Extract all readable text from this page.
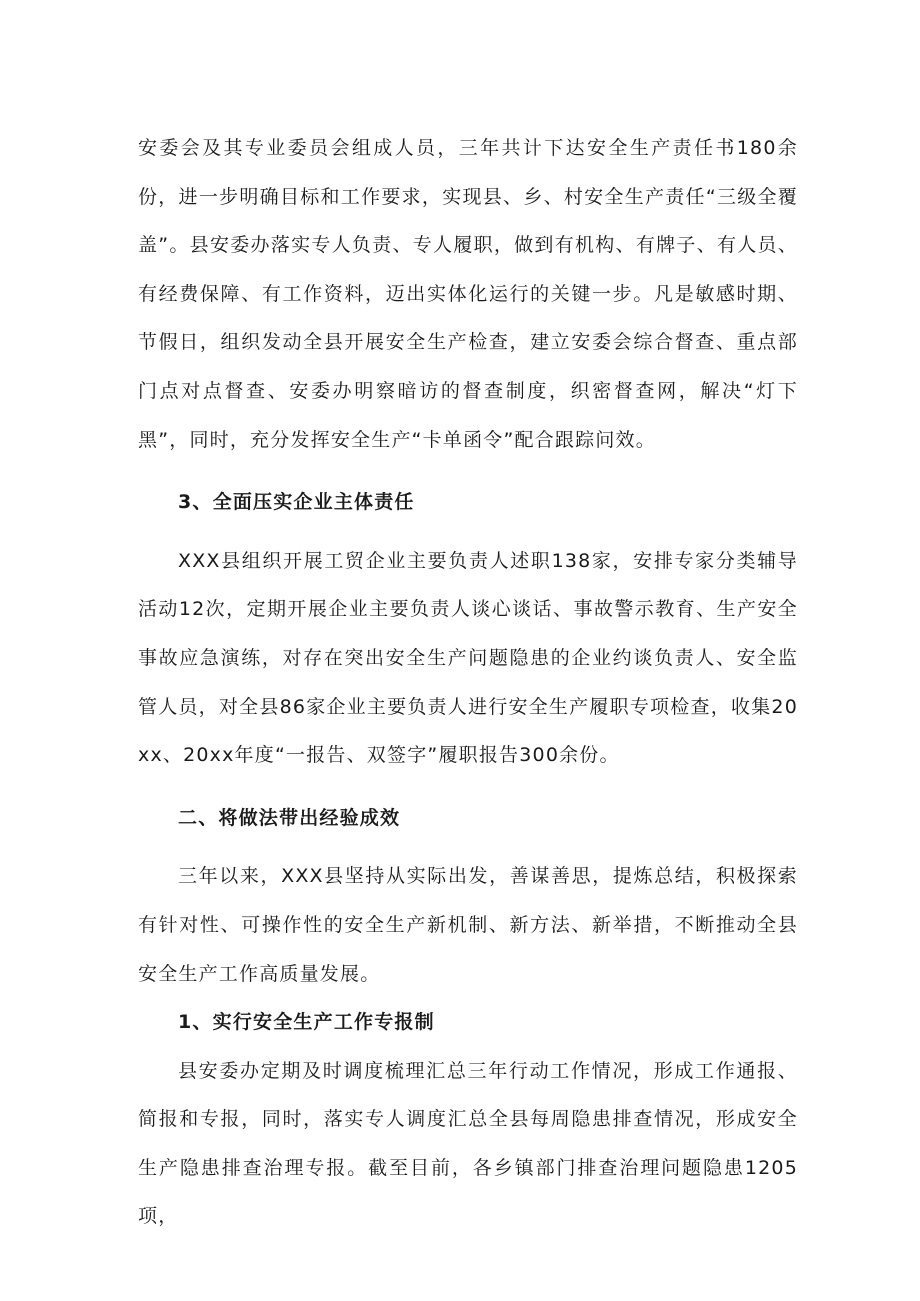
安委会及其专业委员会组成人员，三年共计下达安全生产责任书180余份，进一步明确目标和工作要求，实现县、乡、村安全生产责任“三级全覆盖”。县安委办落实专人负责、专人履职，做到有机构、有牌子、有人员、有经费保障、有工作资料，迈出实体化运行的关键一步。凡是敏感时期、节假日，组织发动全县开展安全生产检查，建立安委会综合督查、重点部门点对点督查、安委办明察暗访的督查制度，织密督查网，解决“灯下黑”，同时，充分发挥安全生产“卡单函令”配合跟踪问效。

3、全面压实企业主体责任

XXX县组织开展工贸企业主要负责人述职138家，安排专家分类辅导活动12次，定期开展企业主要负责人谈心谈话、事故警示教育、生产安全事故应急演练，对存在突出安全生产问题隐患的企业约谈负责人、安全监管人员，对全县86家企业主要负责人进行安全生产履职专项检查，收集20xx、20xx年度“一报告、双签字”履职报告300余份。

二、将做法带出经验成效

三年以来，XXX县坚持从实际出发，善谋善思，提炼总结，积极探索有针对性、可操作性的安全生产新机制、新方法、新举措，不断推动全县安全生产工作高质量发展。

1、实行安全生产工作专报制

县安委办定期及时调度梳理汇总三年行动工作情况，形成工作通报、简报和专报，同时，落实专人调度汇总全县每周隐患排查情况，形成安全生产隐患排查治理专报。截至目前，各乡镇部门排查治理问题隐患1205项，
